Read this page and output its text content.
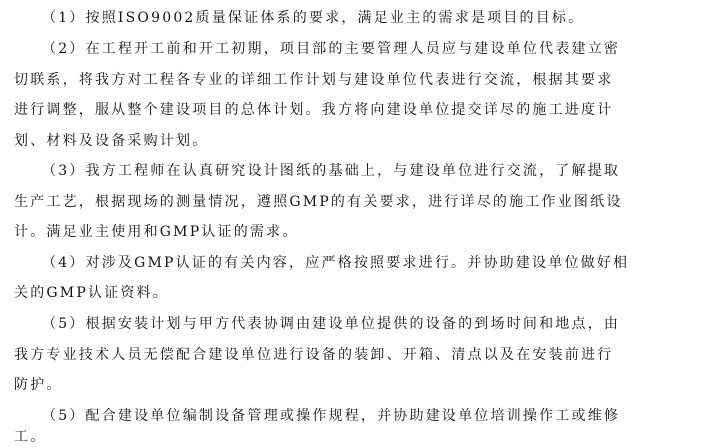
（1）按照ISO9002质量保证体系的要求，满足业主的需求是项目的目标。
（2）在工程开工前和开工初期，项目部的主要管理人员应与建设单位代表建立密
切联系，将我方对工程各专业的详细工作计划与建设单位代表进行交流，根据其要求
进行调整，服从整个建设项目的总体计划。我方将向建设单位提交详尽的施工进度计
划、材料及设备采购计划。
（3）我方工程师在认真研究设计图纸的基础上，与建设单位进行交流，了解提取
生产工艺，根据现场的测量情况，遵照GMP的有关要求，进行详尽的施工作业图纸设
计。满足业主使用和GMP认证的需求。
（4）对涉及GMP认证的有关内容，应严格按照要求进行。并协助建设单位做好相
关的GMP认证资料。
（5）根据安装计划与甲方代表协调由建设单位提供的设备的到场时间和地点，由
我方专业技术人员无偿配合建设单位进行设备的装卸、开箱、清点以及在安装前进行
防护。
（5）配合建设单位编制设备管理或操作规程，并协助建设单位培训操作工或维修
工。
